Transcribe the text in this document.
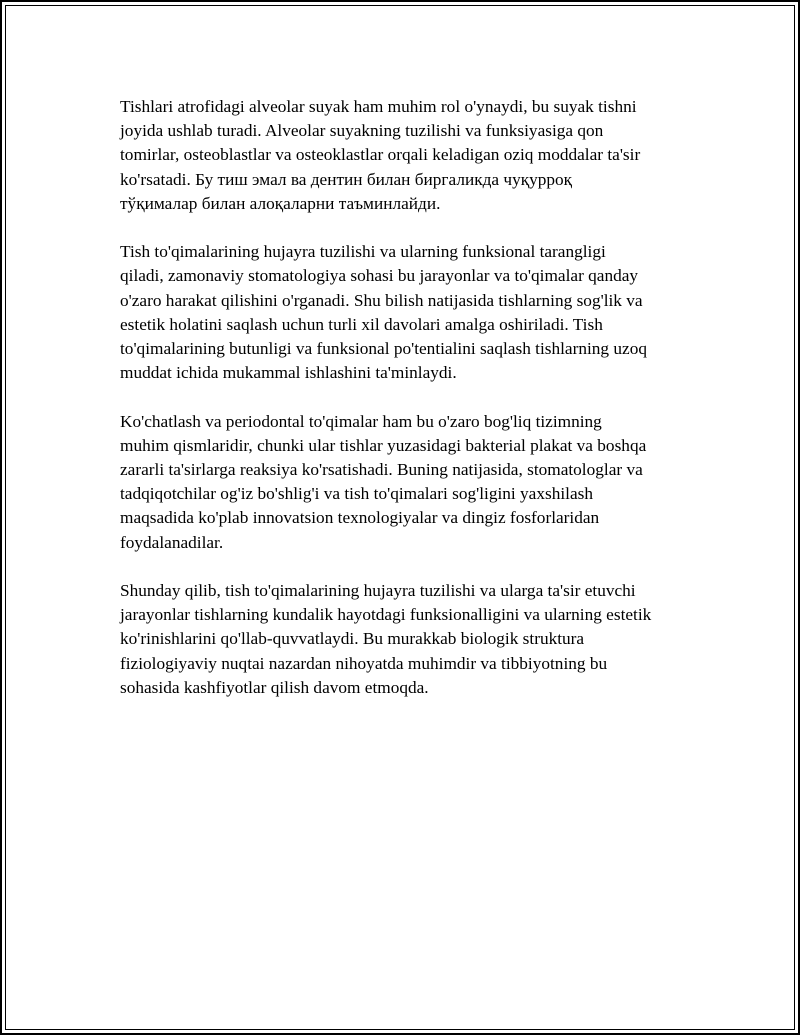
Tishlari atrofidagi alveolar suyak ham muhim rol o'ynaydi, bu suyak tishni
joyida ushlab turadi. Alveolar suyakning tuzilishi va funksiyasiga qon
tomirlar, osteoblastlar va osteoklastlar orqali keladigan oziq moddalar ta'sir
ko'rsatadi. Бу тиш эмал ва дентин билан биргаликда чуқурроқ
тўқималар билан алоқаларни таъминлайди.

Tish to'qimalarining hujayra tuzilishi va ularning funksional tarangligi
qiladi, zamonaviy stomatologiya sohasi bu jarayonlar va to'qimalar qanday
o'zaro harakat qilishini o'rganadi. Shu bilish natijasida tishlarning sog'lik va
estetik holatini saqlash uchun turli xil davolari amalga oshiriladi. Tish
to'qimalarining butunligi va funksional po'tentialini saqlash tishlarning uzoq
muddat ichida mukammal ishlashini ta'minlaydi.

Ko'chatlash va periodontal to'qimalar ham bu o'zaro bog'liq tizimning
muhim qismlaridir, chunki ular tishlar yuzasidagi bakterial plakat va boshqa
zararli ta'sirlarga reaksiya ko'rsatishadi. Buning natijasida, stomatologlar va
tadqiqotchilar og'iz bo'shlig'i va tish to'qimalari sog'ligini yaxshilash
maqsadida ko'plab innovatsion texnologiyalar va dingiz fosforlaridan
foydalanadilar.

Shunday qilib, tish to'qimalarining hujayra tuzilishi va ularga ta'sir etuvchi
jarayonlar tishlarning kundalik hayotdagi funksionalligini va ularning estetik
ko'rinishlarini qo'llab-quvvatlaydi. Bu murakkab biologik struktura
fiziologiyaviy nuqtai nazardan nihoyatda muhimdir va tibbiyotning bu
sohasida kashfiyotlar qilish davom etmoqda.
